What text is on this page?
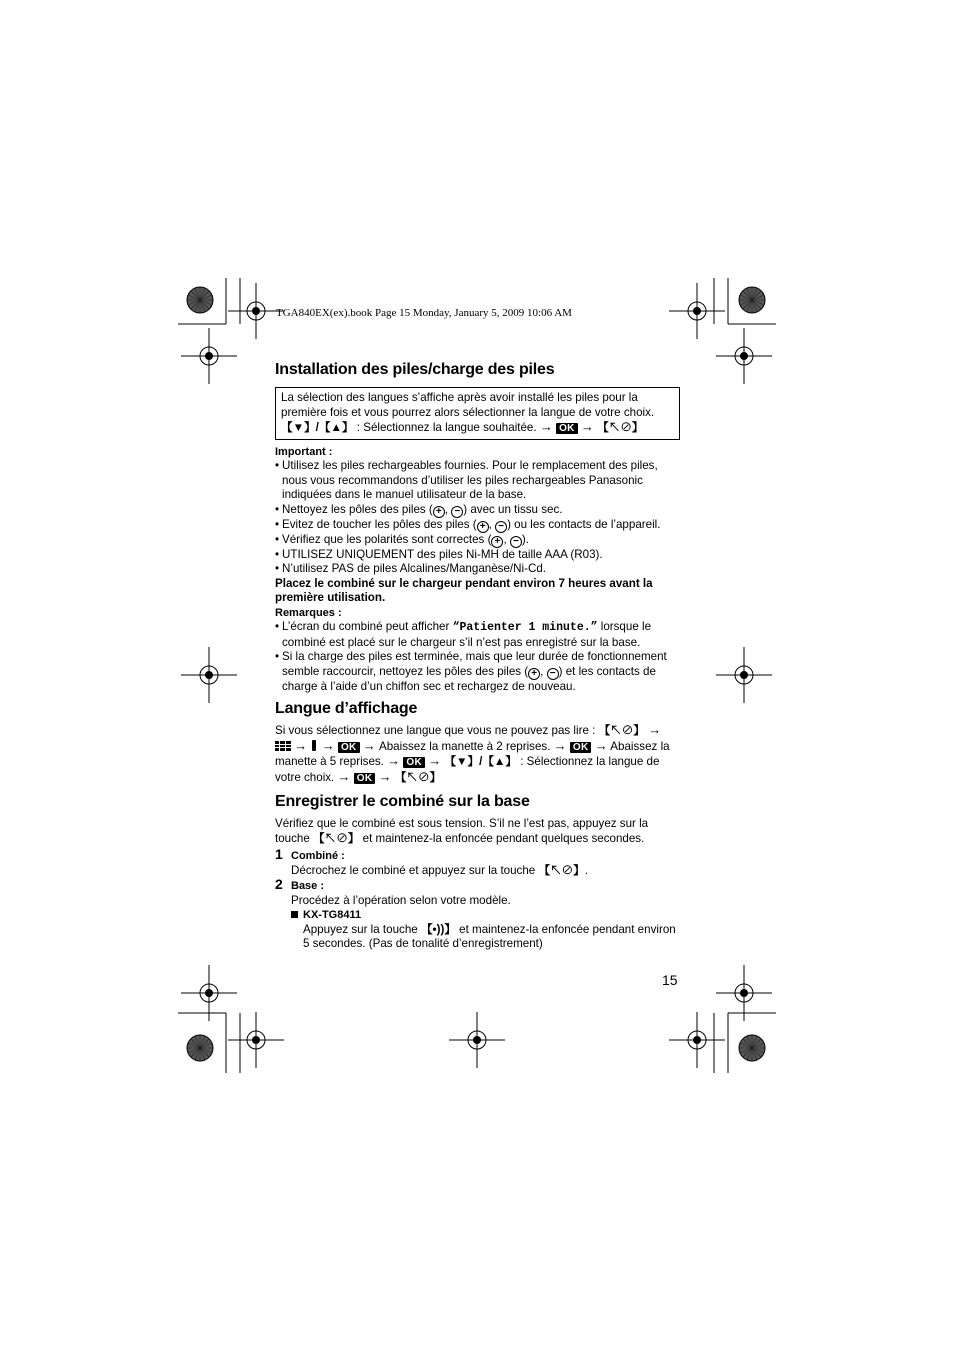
TGA840EX(ex).book Page 15 Monday, January 5, 2009 10:06 AM
Installation des piles/charge des piles

La sélection des langues s’affiche après avoir installé les piles pour la

première fois et vous pourrez alors sélectionner la langue de votre choix.

【▼】/【▲】 : Sélectionnez la langue souhaitée. → OK → 【↖⊘】

Important :

• Utilisez les piles rechargeables fournies. Pour le remplacement des piles, nous vous recommandons d’utiliser les piles rechargeables Panasonic indiquées dans le manuel utilisateur de la base.
• Nettoyez les pôles des piles ( + , − ) avec un tissu sec.
• Evitez de toucher les pôles des piles ( + , − ) ou les contacts de l’appareil.
• Vérifiez que les polarités sont correctes ( + , − ).
• UTILISEZ UNIQUEMENT des piles Ni-MH de taille AAA (R03).
• N’utilisez PAS de piles Alcalines/Manganèse/Ni-Cd.

Placez le combiné sur le chargeur pendant environ 7 heures avant la première utilisation.

Remarques :

• L’écran du combiné peut afficher “Patienter 1 minute.” lorsque le combiné est placé sur le chargeur s’il n’est pas enregistré sur la base.
• Si la charge des piles est terminée, mais que leur durée de fonctionnement semble raccourcir, nettoyez les pôles des piles ( + , − ) et les contacts de charge à l’aide d’un chiffon sec et rechargez de nouveau.
Langue d’affichage

Si vous sélectionnez une langue que vous ne pouvez pas lire : 【↖⊘】 →  → → OK → Abaissez la manette à 2 reprises. → OK → Abaissez la manette à 5 reprises. → OK → 【▼】/【▲】 : Sélectionnez la langue de votre choix. → OK → 【↖⊘】

Enregistrer le combiné sur la base

Vérifiez que le combiné est sous tension. S’il ne l’est pas, appuyez sur la touche 【↖⊘】 et maintenez-la enfoncée pendant quelques secondes.

1 Combiné :

Décrochez le combiné et appuyez sur la touche 【↖⊘】.

2 Base :

Procédez à l’opération selon votre modèle.

KX-TG8411

Appuyez sur la touche 【•))】 et maintenez-la enfoncée pendant environ 5 secondes. (Pas de tonalité d’enregistrement)

15
